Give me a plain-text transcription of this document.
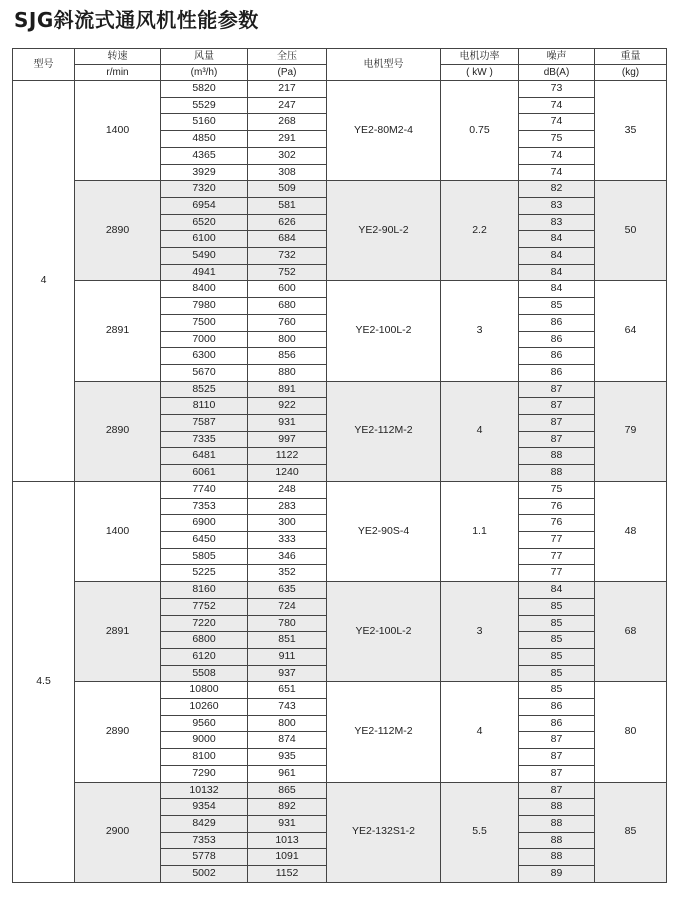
SJG斜流式通风机性能参数
型号	转速	风量	全压	电机型号	电机功率	噪声	重量
	r/min	(m³/h)	(Pa)		( kW )	dB(A)	(kg)
4	1400	5820	217	YE2-80M2-4	0.75	73	35
		5529	247			74	
		5160	268			74	
		4850	291			75	
		4365	302			74	
		3929	308			74	
	2890	7320	509	YE2-90L-2	2.2	82	50
		6954	581			83	
		6520	626			83	
		6100	684			84	
		5490	732			84	
		4941	752			84	
	2891	8400	600	YE2-100L-2	3	84	64
		7980	680			85	
		7500	760			86	
		7000	800			86	
		6300	856			86	
		5670	880			86	
	2890	8525	891	YE2-112M-2	4	87	79
		8110	922			87	
		7587	931			87	
		7335	997			87	
		6481	1122			88	
		6061	1240			88	
4.5	1400	7740	248	YE2-90S-4	1.1	75	48
		7353	283			76	
		6900	300			76	
		6450	333			77	
		5805	346			77	
		5225	352			77	
	2891	8160	635	YE2-100L-2	3	84	68
		7752	724			85	
		7220	780			85	
		6800	851			85	
		6120	911			85	
		5508	937			85	
	2890	10800	651	YE2-112M-2	4	85	80
		10260	743			86	
		9560	800			86	
		9000	874			87	
		8100	935			87	
		7290	961			87	
	2900	10132	865	YE2-132S1-2	5.5	87	85
		9354	892			88	
		8429	931			88	
		7353	1013			88	
		5778	1091			88	
		5002	1152			89	
